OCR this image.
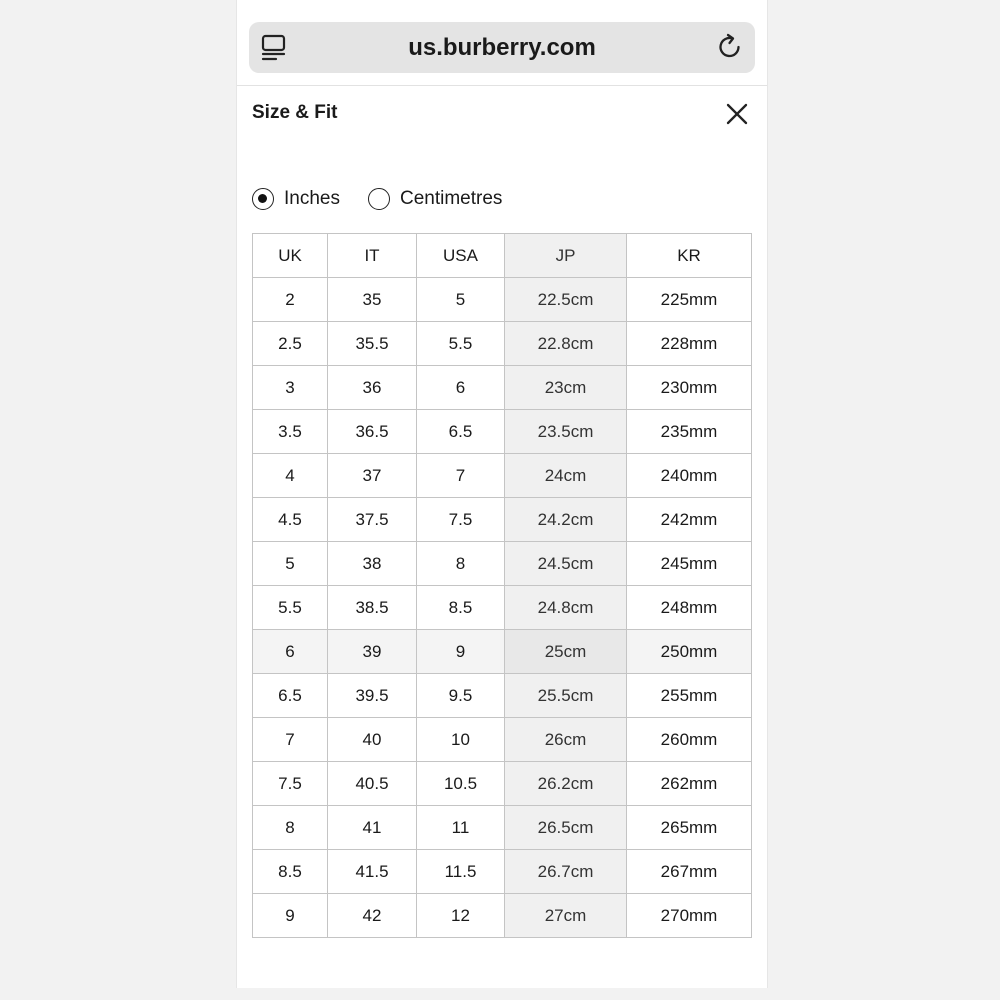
us.burberry.com
Size & Fit
Inches	Centimetres
UK	IT	USA	JP	KR
2	35	5	22.5cm	225mm
2.5	35.5	5.5	22.8cm	228mm
3	36	6	23cm	230mm
3.5	36.5	6.5	23.5cm	235mm
4	37	7	24cm	240mm
4.5	37.5	7.5	24.2cm	242mm
5	38	8	24.5cm	245mm
5.5	38.5	8.5	24.8cm	248mm
6	39	9	25cm	250mm
6.5	39.5	9.5	25.5cm	255mm
7	40	10	26cm	260mm
7.5	40.5	10.5	26.2cm	262mm
8	41	11	26.5cm	265mm
8.5	41.5	11.5	26.7cm	267mm
9	42	12	27cm	270mm
